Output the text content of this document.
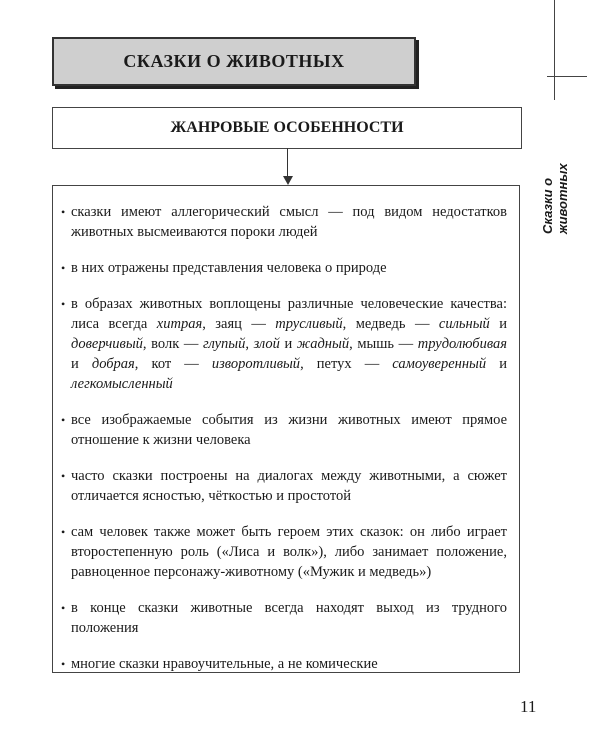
Сказки о животных
СКАЗКИ О ЖИВОТНЫХ
ЖАНРОВЫЕ ОСОБЕННОСТИ
• сказки имеют аллегорический смысл — под видом недостатков животных высмеиваются пороки людей
• в них отражены представления человека о природе
• в образах животных воплощены различные человеческие качества: лиса всегда хитрая, заяц — трусливый, медведь — сильный и доверчивый, волк — глупый, злой и жадный, мышь — трудолюбивая и добрая, кот — изворотливый, петух — самоуверенный и легкомысленный
• все изображаемые события из жизни животных имеют прямое отношение к жизни человека
• часто сказки построены на диалогах между животными, а сюжет отличается ясностью, чёткостью и простотой
• сам человек также может быть героем этих сказок: он либо играет второстепенную роль («Лиса и волк»), либо занимает положение, равноценное персонажу-животному («Мужик и медведь»)
• в конце сказки животные всегда находят выход из трудного положения
• многие сказки нравоучительные, а не комические
11
